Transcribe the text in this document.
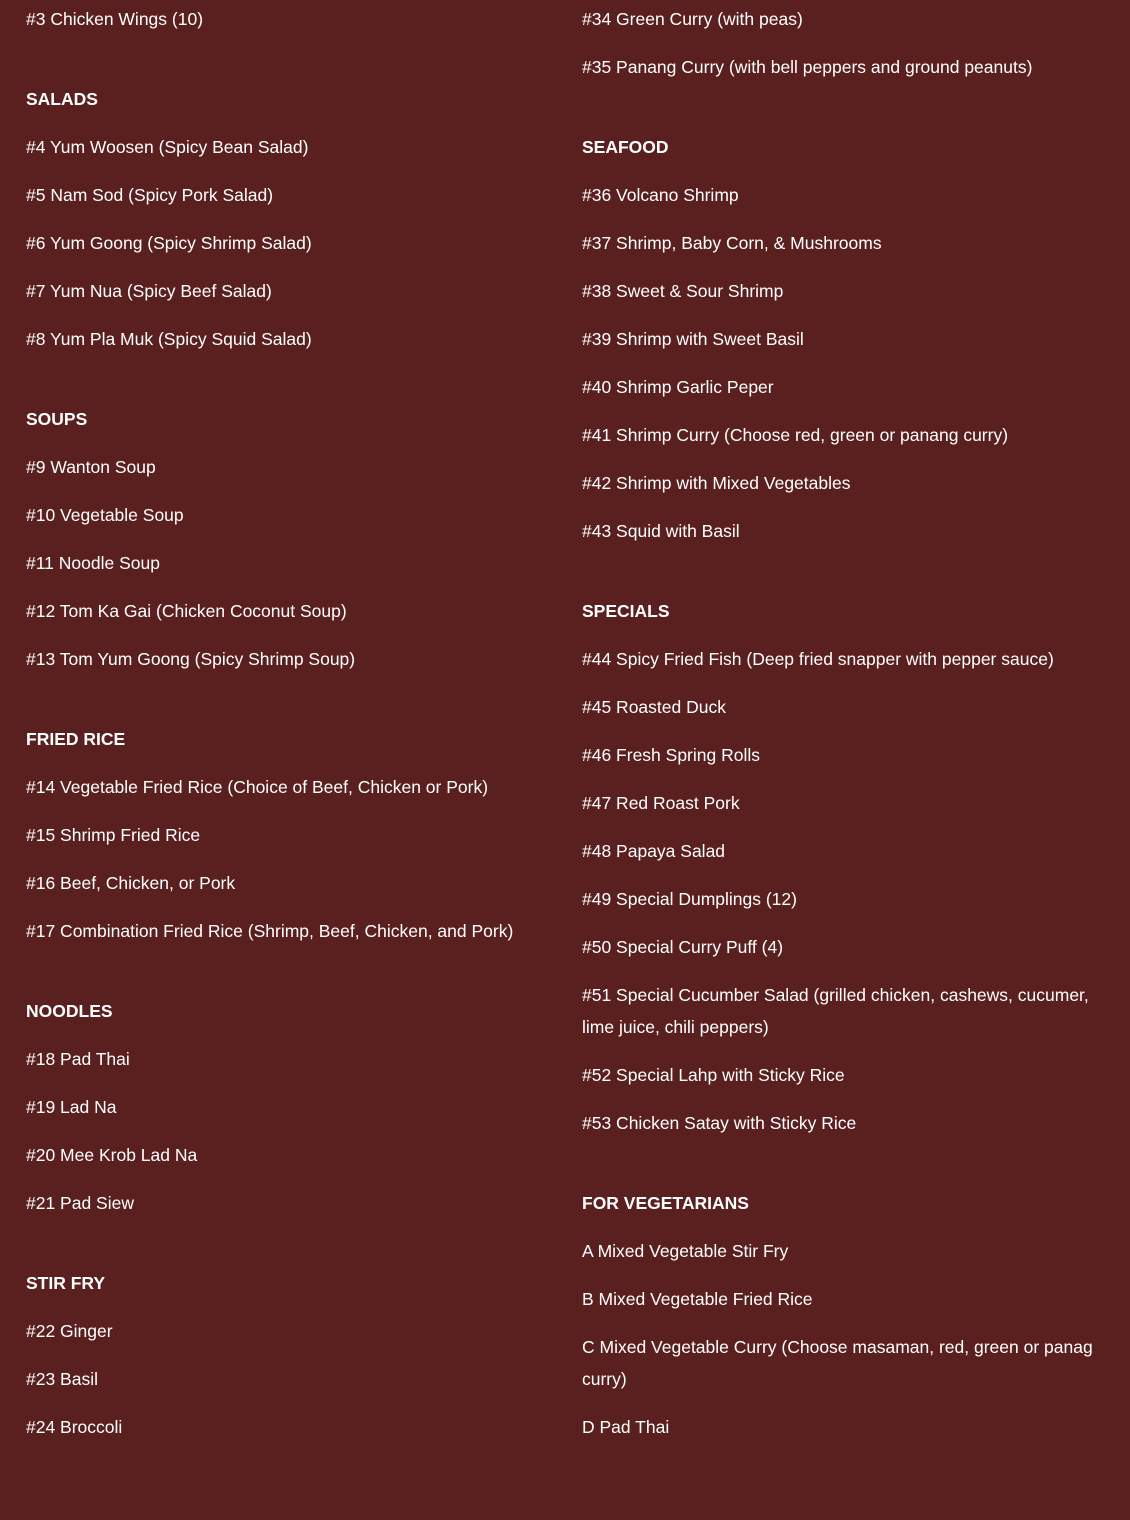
#3 Chicken Wings (10)
SALADS
#4 Yum Woosen (Spicy Bean Salad)
#5 Nam Sod (Spicy Pork Salad)
#6 Yum Goong (Spicy Shrimp Salad)
#7 Yum Nua (Spicy Beef Salad)
#8 Yum Pla Muk (Spicy Squid Salad)
SOUPS
#9 Wanton Soup
#10 Vegetable Soup
#11 Noodle Soup
#12 Tom Ka Gai (Chicken Coconut Soup)
#13 Tom Yum Goong (Spicy Shrimp Soup)
FRIED RICE
#14 Vegetable Fried Rice (Choice of Beef, Chicken or Pork)
#15 Shrimp Fried Rice
#16 Beef, Chicken, or Pork
#17 Combination Fried Rice (Shrimp, Beef, Chicken, and Pork)
NOODLES
#18 Pad Thai
#19 Lad Na
#20 Mee Krob Lad Na
#21 Pad Siew
STIR FRY
#22 Ginger
#23 Basil
#24 Broccoli
#34 Green Curry (with peas)
#35 Panang Curry (with bell peppers and ground peanuts)
SEAFOOD
#36 Volcano Shrimp
#37 Shrimp, Baby Corn, & Mushrooms
#38 Sweet & Sour Shrimp
#39 Shrimp with Sweet Basil
#40 Shrimp Garlic Peper
#41 Shrimp Curry (Choose red, green or panang curry)
#42 Shrimp with Mixed Vegetables
#43 Squid with Basil
SPECIALS
#44 Spicy Fried Fish (Deep fried snapper with pepper sauce)
#45 Roasted Duck
#46 Fresh Spring Rolls
#47 Red Roast Pork
#48 Papaya Salad
#49 Special Dumplings (12)
#50 Special Curry Puff (4)
#51 Special Cucumber Salad (grilled chicken, cashews, cucumer, lime juice, chili peppers)
#52 Special Lahp with Sticky Rice
#53 Chicken Satay with Sticky Rice
FOR VEGETARIANS
A Mixed Vegetable Stir Fry
B Mixed Vegetable Fried Rice
C Mixed Vegetable Curry (Choose masaman, red, green or panag curry)
D Pad Thai
